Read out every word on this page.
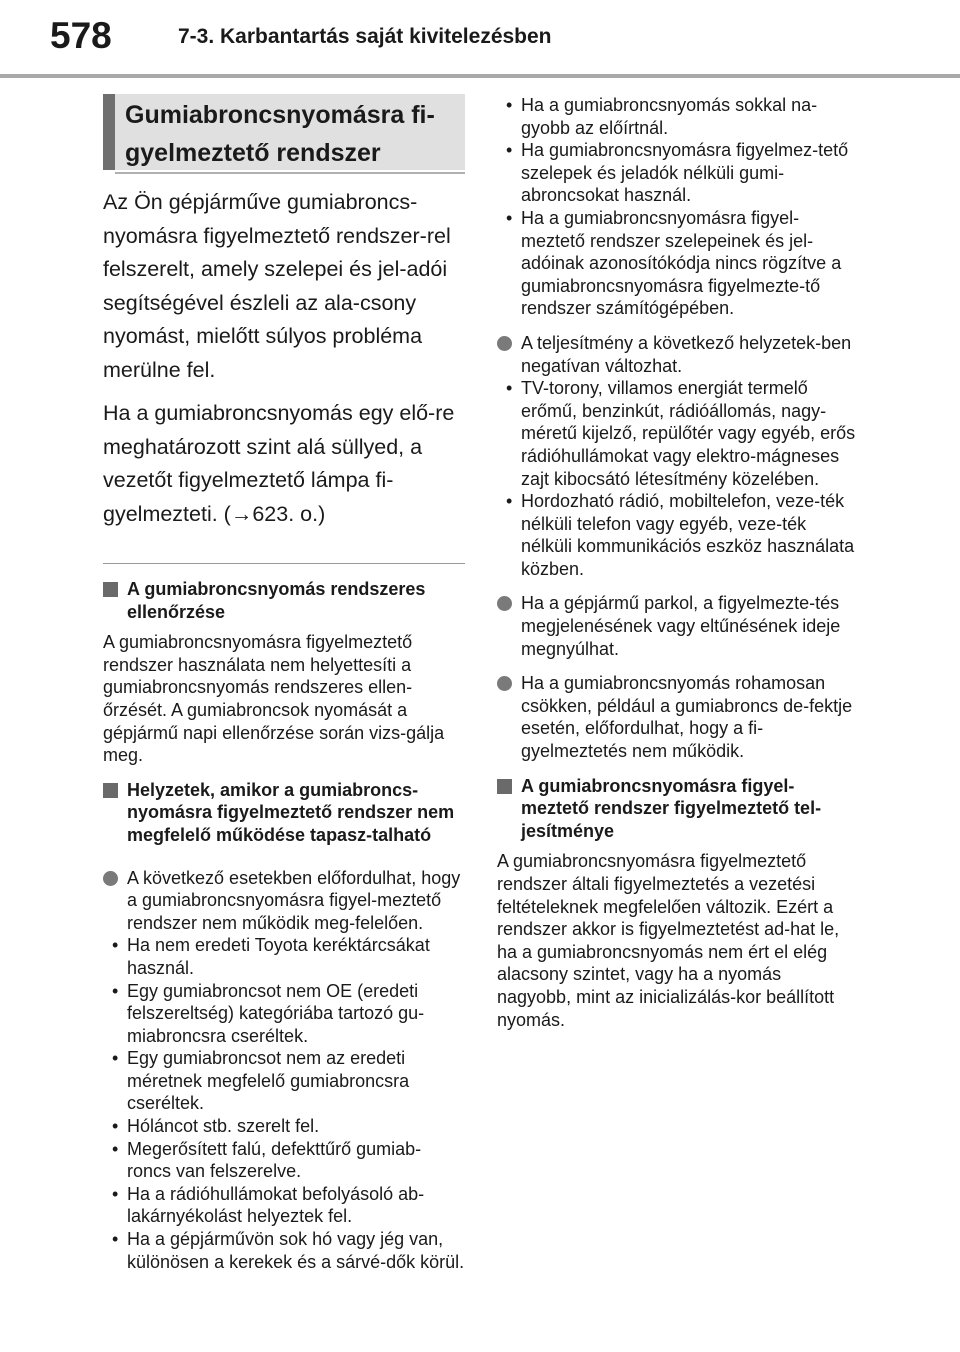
578	7-3. Karbantartás saját kivitelezésben
Gumiabroncsnyomásra fi-
gyelmeztető rendszer
Az Ön gépjárműve gumiabroncs-nyomásra figyelmeztető rendszer-rel felszerelt, amely szelepei és jel-adói segítségével észleli az ala-csony nyomást, mielőtt súlyos probléma merülne fel.
Ha a gumiabroncsnyomás egy elő-re meghatározott szint alá süllyed, a vezetőt figyelmeztető lámpa fi-gyelmezteti. (→623. o.)
A gumiabroncsnyomás rendszeres ellenőrzése
A gumiabroncsnyomásra figyelmeztető rendszer használata nem helyettesíti a gumiabroncsnyomás rendszeres ellen-őrzését. A gumiabroncsok nyomását a gépjármű napi ellenőrzése során vizs-gálja meg.
Helyzetek, amikor a gumiabroncs-nyomásra figyelmeztető rendszer nem megfelelő működése tapasz-talható
A következő esetekben előfordulhat, hogy a gumiabroncsnyomásra figyel-meztető rendszer nem működik meg-felelően.
• Ha nem eredeti Toyota keréktárcsákat használ.
• Egy gumiabroncsot nem OE (eredeti felszereltség) kategóriába tartozó gu-miabroncsra cseréltek.
• Egy gumiabroncsot nem az eredeti méretnek megfelelő gumiabroncsra cseréltek.
• Hóláncot stb. szerelt fel.
• Megerősített falú, defekttűrő gumiab-roncs van felszerelve.
• Ha a rádióhullámokat befolyásoló ab-lakárnyékolást helyeztek fel.
• Ha a gépjárművön sok hó vagy jég van, különösen a kerekek és a sárvé-dők körül.
• Ha a gumiabroncsnyomás sokkal na-gyobb az előírtnál.
• Ha gumiabroncsnyomásra figyelmez-tető szelepek és jeladók nélküli gumi-abroncsokat használ.
• Ha a gumiabroncsnyomásra figyel-meztető rendszer szelepeinek és jel-adóinak azonosítókódja nincs rögzítve a gumiabroncsnyomásra figyelmezte-tő rendszer számítógépében.
A teljesítmény a következő helyzetek-ben negatívan változhat.
• TV-torony, villamos energiát termelő erőmű, benzinkút, rádióállomás, nagy-méretű kijelző, repülőtér vagy egyéb, erős rádióhullámokat vagy elektro-mágneses zajt kibocsátó létesítmény közelében.
• Hordozható rádió, mobiltelefon, veze-ték nélküli telefon vagy egyéb, veze-ték nélküli kommunikációs eszköz használata közben.
Ha a gépjármű parkol, a figyelmezte-tés megjelenésének vagy eltűnésének ideje megnyúlhat.
Ha a gumiabroncsnyomás rohamosan csökken, például a gumiabroncs de-fektje esetén, előfordulhat, hogy a fi-gyelmeztetés nem működik.
A gumiabroncsnyomásra figyel-meztető rendszer figyelmeztető tel-jesítménye
A gumiabroncsnyomásra figyelmeztető rendszer általi figyelmeztetés a vezetési feltételeknek megfelelően változik. Ezért a rendszer akkor is figyelmeztetést ad-hat le, ha a gumiabroncsnyomás nem ért el elég alacsony szintet, vagy ha a nyomás nagyobb, mint az inicializálás-kor beállított nyomás.
